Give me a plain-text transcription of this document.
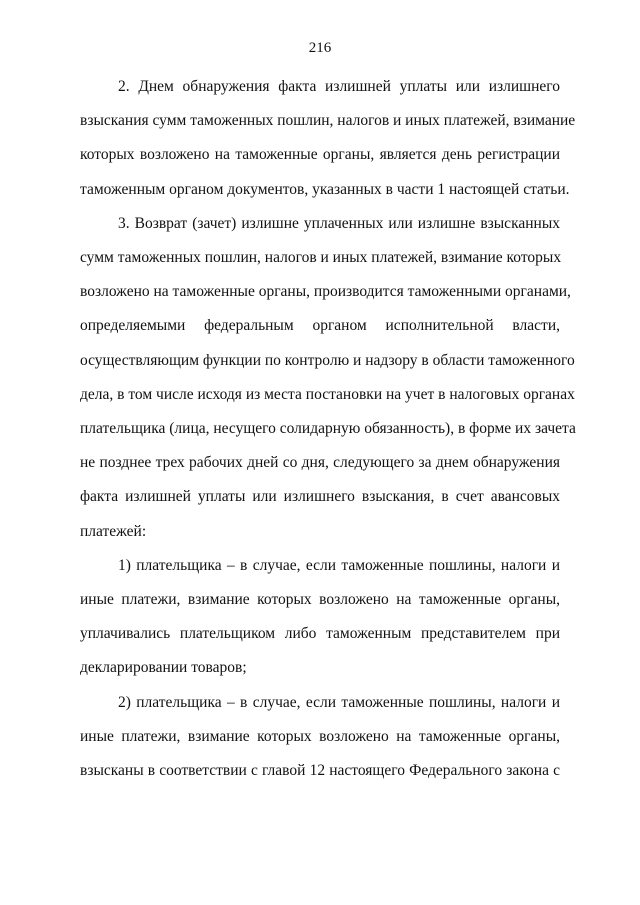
216
2. Днем обнаружения факта излишней уплаты или излишнего
взыскания сумм таможенных пошлин, налогов и иных платежей, взимание
которых возложено на таможенные органы, является день регистрации
таможенным органом документов, указанных в части 1 настоящей статьи.
3. Возврат (зачет) излишне уплаченных или излишне взысканных
сумм таможенных пошлин, налогов и иных платежей, взимание которых
возложено на таможенные органы, производится таможенными органами,
определяемыми федеральным органом исполнительной власти,
осуществляющим функции по контролю и надзору в области таможенного
дела, в том числе исходя из места постановки на учет в налоговых органах
плательщика (лица, несущего солидарную обязанность), в форме их зачета
не позднее трех рабочих дней со дня, следующего за днем обнаружения
факта излишней уплаты или излишнего взыскания, в счет авансовых
платежей:
1) плательщика – в случае, если таможенные пошлины, налоги и
иные платежи, взимание которых возложено на таможенные органы,
уплачивались плательщиком либо таможенным представителем при
декларировании товаров;
2) плательщика – в случае, если таможенные пошлины, налоги и
иные платежи, взимание которых возложено на таможенные органы,
взысканы в соответствии с главой 12 настоящего Федерального закона с
